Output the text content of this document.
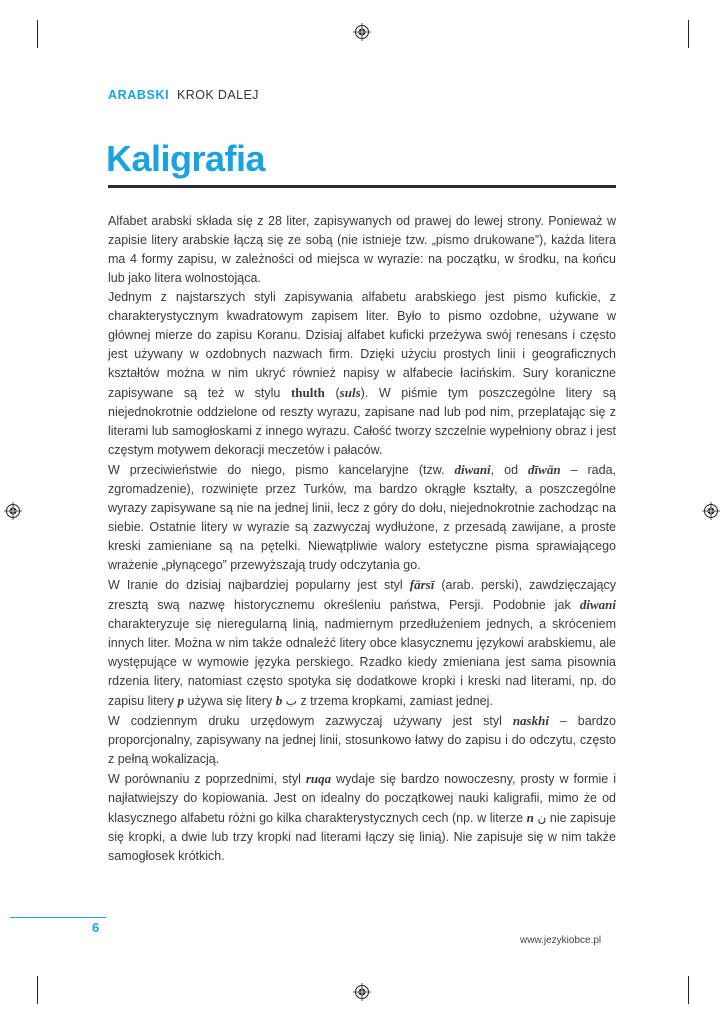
ARABSKI KROK DALEJ
Kaligrafia

Alfabet arabski składa się z 28 liter, zapisywanych od prawej do lewej strony. Ponieważ w zapisie litery arabskie łączą się ze sobą (nie istnieje tzw. „pismo drukowane”), każda litera ma 4 formy zapisu, w zależności od miejsca w wyrazie: na początku, w środku, na końcu lub jako litera wolnostojąca.

Jednym z najstarszych styli zapisywania alfabetu arabskiego jest pismo kufickie, z charakterystycznym kwadratowym zapisem liter. Było to pismo ozdobne, używane w głównej mierze do zapisu Koranu. Dzisiaj alfabet kuficki przeżywa swój renesans i często jest używany w ozdobnych nazwach firm. Dzięki użyciu prostych linii i geograficznych kształtów można w nim ukryć również napisy w alfabecie łacińskim. Sury koraniczne zapisywane są też w stylu thulth (suls). W piśmie tym poszczególne litery są niejednokrotnie oddzielone od reszty wyrazu, zapisane nad lub pod nim, przeplatając się z literami lub samogłoskami z innego wyrazu. Całość tworzy szczelnie wypełniony obraz i jest częstym motywem dekoracji meczetów i pałaców.

W przeciwieństwie do niego, pismo kancelaryjne (tzw. diwani, od dīwān – rada, zgromadzenie), rozwinięte przez Turków, ma bardzo okrągłe kształty, a poszczególne wyrazy zapisywane są nie na jednej linii, lecz z góry do dołu, niejednokrotnie zachodząc na siebie. Ostatnie litery w wyrazie są zazwyczaj wydłużone, z przesadą zawijane, a proste kreski zamieniane są na pętelki. Niewątpliwie walory estetyczne pisma sprawiającego wrażenie „płynącego” przewyższają trudy odczytania go.

W Iranie do dzisiaj najbardziej popularny jest styl fārsī (arab. perski), zawdzięczający zresztą swą nazwę historycznemu określeniu państwa, Persji. Podobnie jak diwani charakteryzuje się nieregularną linią, nadmiernym przedłużeniem jednych, a skróceniem innych liter. Można w nim także odnaleźć litery obce klasycznemu językowi arabskiemu, ale występujące w wymowie języka perskiego. Rzadko kiedy zmieniana jest sama pisownia rdzenia litery, natomiast często spotyka się dodatkowe kropki i kreski nad literami, np. do zapisu litery p używa się litery b ب z trzema kropkami, zamiast jednej.

W codziennym druku urzędowym zazwyczaj używany jest styl naskhi – bardzo proporcjonalny, zapisywany na jednej linii, stosunkowo łatwy do zapisu i do odczytu, często z pełną wokalizacją.

W porównaniu z poprzednimi, styl ruqa wydaje się bardzo nowoczesny, prosty w formie i najłatwiejszy do kopiowania. Jest on idealny do początkowej nauki kaligrafii, mimo że od klasycznego alfabetu różni go kilka charakterystycznych cech (np. w literze n ن nie zapisuje się kropki, a dwie lub trzy kropki nad literami łączy się linią). Nie zapisuje się w nim także samogłosek krótkich.

6
www.jezykiobce.pl
